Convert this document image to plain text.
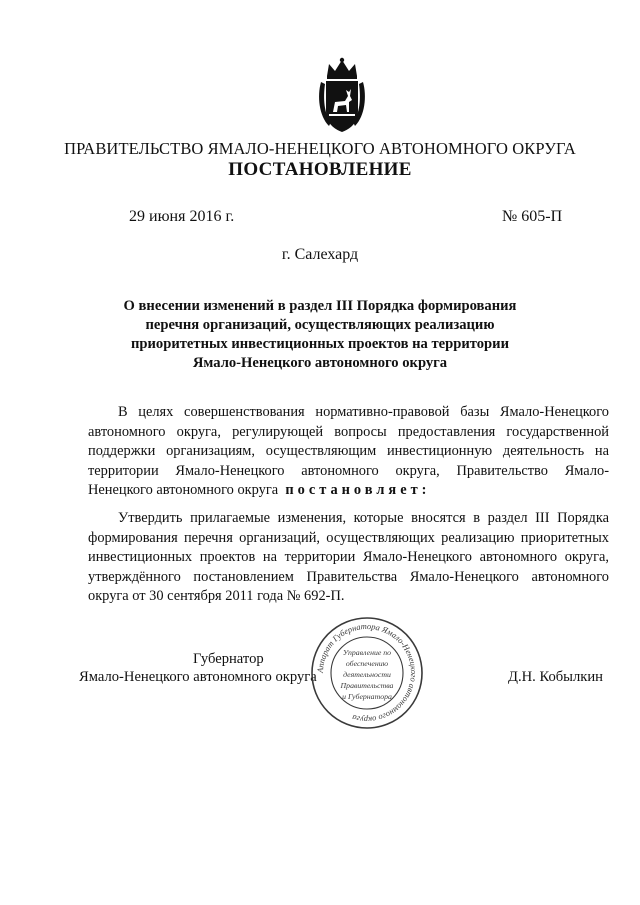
ПРАВИТЕЛЬСТВО ЯМАЛО-НЕНЕЦКОГО АВТОНОМНОГО ОКРУГА
ПОСТАНОВЛЕНИЕ
29 июня 2016 г.	№ 605-П
г. Салехард
О внесении изменений в раздел III Порядка формирования
перечня организаций, осуществляющих реализацию
приоритетных инвестиционных проектов на территории
Ямало-Ненецкого автономного округа
В целях совершенствования нормативно-правовой базы Ямало-Ненецкого
автономного округа, регулирующей вопросы предоставления государственной
поддержки организациям, осуществляющим инвестиционную деятельность на
территории Ямало-Ненецкого автономного округа, Правительство Ямало-
Ненецкого автономного округа постановляет:
Утвердить прилагаемые изменения, которые вносятся в раздел III Порядка
формирования перечня организаций, осуществляющих реализацию приоритетных
инвестиционных проектов на территории Ямало-Ненецкого автономного округа,
утверждённого постановлением Правительства Ямало-Ненецкого автономного
округа от 30 сентября 2011 года № 692-П.
Губернатор
Ямало-Ненецкого автономного округа	Д.Н. Кобылкин
Аппарат Губернатора Ямало-Ненецкого автономного округа
Управление по
обеспечению
деятельности
Правительства
и Губернатора
